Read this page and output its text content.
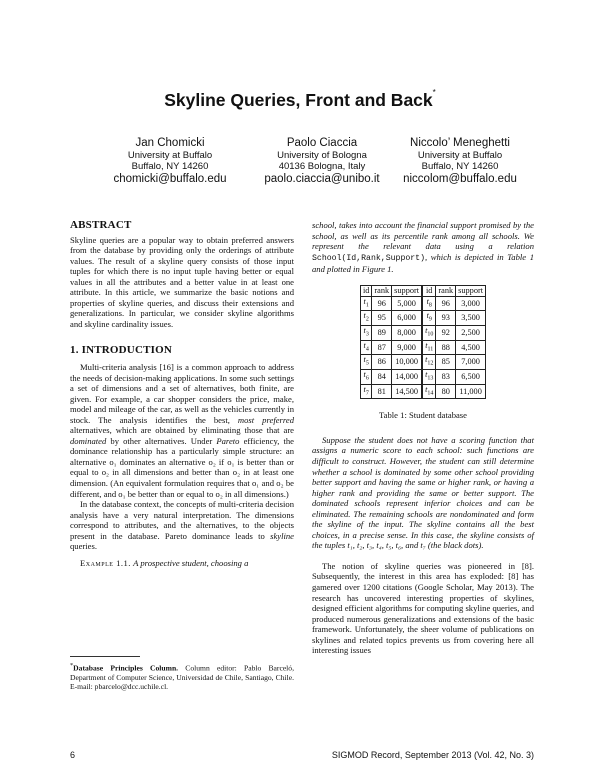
Skyline Queries, Front and Back*
Jan Chomicki
University at Buffalo
Buffalo, NY 14260
chomicki@buffalo.edu
Paolo Ciaccia
University of Bologna
40136 Bologna, Italy
paolo.ciaccia@unibo.it
Niccolo’ Meneghetti
University at Buffalo
Buffalo, NY 14260
niccolom@buffalo.edu
ABSTRACT

Skyline queries are a popular way to obtain preferred answers from the database by providing only the orderings of attribute values. The result of a skyline query consists of those input tuples for which there is no input tuple having better or equal values in all the attributes and a better value in at least one attribute. In this article, we summarize the basic notions and properties of skyline queries, and discuss their extensions and generalizations. In particular, we consider skyline algorithms and skyline cardinality issues.

1. INTRODUCTION

Multi-criteria analysis [16] is a common approach to address the needs of decision-making applications. In some such settings a set of dimensions and a set of alternatives, both finite, are given. For example, a car shopper considers the price, make, model and mileage of the car, as well as the vehicles currently in stock. The analysis identifies the best, most preferred alternatives, which are obtained by eliminating those that are dominated by other alternatives. Under Pareto efficiency, the dominance relationship has a particularly simple structure: an alternative o₁ dominates an alternative o₂ if o₁ is better than or equal to o₂ in all dimensions and better than o₂ in at least one dimension. (An equivalent formulation requires that o₁ and o₂ be different, and o₁ be better than or equal to o₂ in all dimensions.)

In the database context, the concepts of multi-criteria decision analysis have a very natural interpretation. The dimensions correspond to attributes, and the alternatives, to the objects present in the database. Pareto dominance leads to skyline queries.

Example 1.1. A prospective student, choosing a

*Database Principles Column. Column editor: Pablo Barceló, Department of Computer Science, Universidad de Chile, Santiago, Chile. E-mail: pbarcelo@dcc.uchile.cl.

school, takes into account the financial support promised by the school, as well as its percentile rank among all schools. We represent the relevant data using a relation School(Id,Rank,Support), which is depicted in Table 1 and plotted in Figure 1.

id	rank	support	id	rank	support
$t_1$	96	5,000	$t_8$	96	3,000
$t_2$	95	6,000	$t_9$	93	3,500
$t_3$	89	8,000	$t_{10}$	92	2,500
$t_4$	87	9,000	$t_{11}$	88	4,500
$t_5$	86	10,000	$t_{12}$	85	7,000
$t_6$	84	14,000	$t_{13}$	83	6,500
$t_7$	81	14,500	$t_{14}$	80	11,000
Table 1: Student database

Suppose the student does not have a scoring function that assigns a numeric score to each school: such functions are difficult to construct. However, the student can still determine whether a school is dominated by some other school providing better support and having the same or higher rank, or having a higher rank and providing the same or better support. The dominated schools represent inferior choices and can be eliminated. The remaining schools are nondominated and form the skyline of the input. The skyline contains all the best choices, in a precise sense. In this case, the skyline consists of the tuples t₁, t₂, t₃, t₄, t₅, t₆, and t₇ (the black dots).

The notion of skyline queries was pioneered in [8]. Subsequently, the interest in this area has exploded: [8] has gamered over 1200 citations (Google Scholar, May 2013). The research has uncovered interesting properties of skylines, designed efficient algorithms for computing skyline queries, and produced numerous generalizations and extensions of the basic framework. Unfortunately, the sheer volume of publications on skylines and related topics prevents us from covering here all interesting issues

6	SIGMOD Record, September 2013 (Vol. 42, No. 3)
